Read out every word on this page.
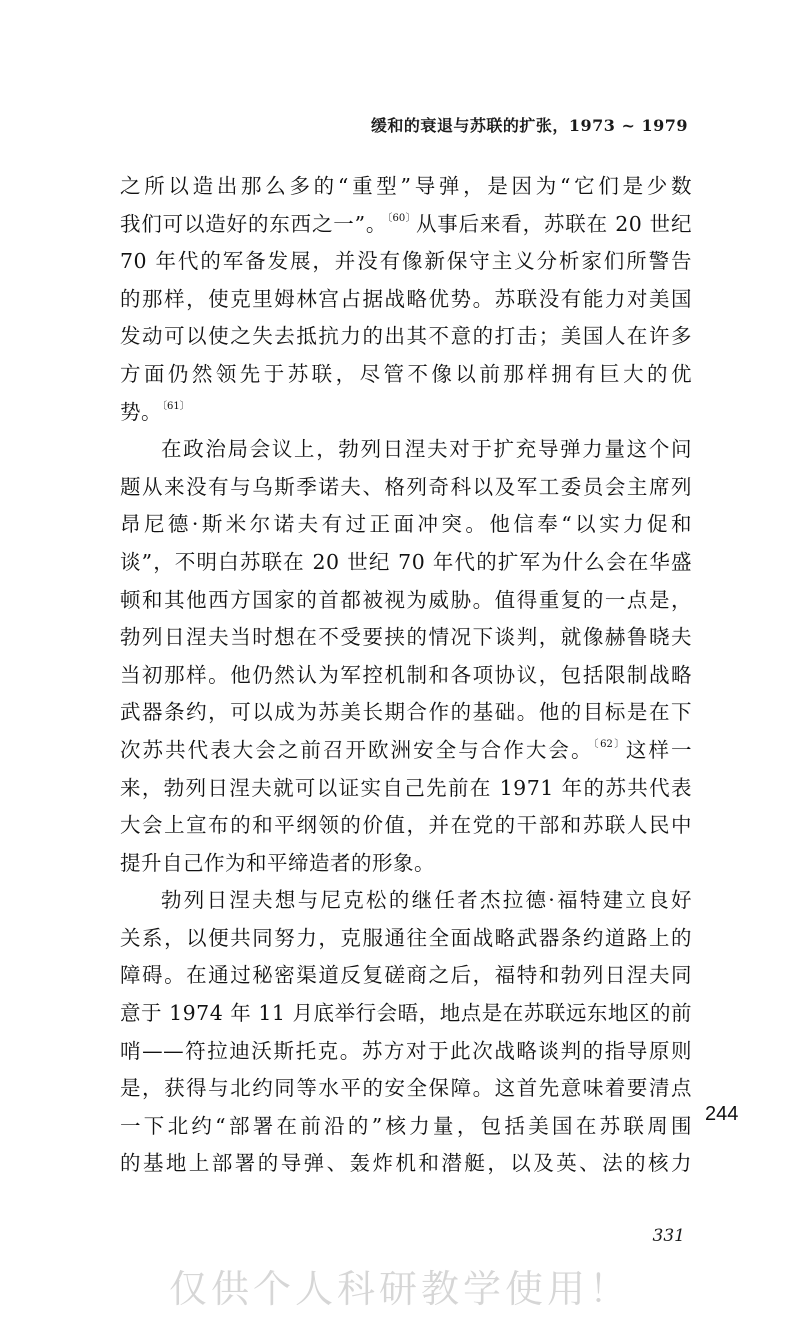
缓和的衰退与苏联的扩张，1973 ~ 1979
之所以造出那么多的“重型”导弹，是因为“它们是少数
我们可以造好的东西之一”。$^{〔60〕}$从事后来看，苏联在 20 世纪
70 年代的军备发展，并没有像新保守主义分析家们所警告
的那样，使克里姆林宫占据战略优势。苏联没有能力对美国
发动可以使之失去抵抗力的出其不意的打击；美国人在许多
方面仍然领先于苏联，尽管不像以前那样拥有巨大的优
势。$^{〔61〕}$
在政治局会议上，勃列日涅夫对于扩充导弹力量这个问
题从来没有与乌斯季诺夫、格列奇科以及军工委员会主席列
昂尼德·斯米尔诺夫有过正面冲突。他信奉“以实力促和
谈”，不明白苏联在 20 世纪 70 年代的扩军为什么会在华盛
顿和其他西方国家的首都被视为威胁。值得重复的一点是，
勃列日涅夫当时想在不受要挟的情况下谈判，就像赫鲁晓夫
当初那样。他仍然认为军控机制和各项协议，包括限制战略
武器条约，可以成为苏美长期合作的基础。他的目标是在下
次苏共代表大会之前召开欧洲安全与合作大会。$^{〔62〕}$这样一
来，勃列日涅夫就可以证实自己先前在 1971 年的苏共代表
大会上宣布的和平纲领的价值，并在党的干部和苏联人民中
提升自己作为和平缔造者的形象。
勃列日涅夫想与尼克松的继任者杰拉德·福特建立良好
关系，以便共同努力，克服通往全面战略武器条约道路上的
障碍。在通过秘密渠道反复磋商之后，福特和勃列日涅夫同
意于 1974 年 11 月底举行会晤，地点是在苏联远东地区的前
哨——符拉迪沃斯托克。苏方对于此次战略谈判的指导原则
是，获得与北约同等水平的安全保障。这首先意味着要清点
一下北约“部署在前沿的”核力量，包括美国在苏联周围
的基地上部署的导弹、轰炸机和潜艇，以及英、法的核力
244
331
仅供个人科研教学使用！
